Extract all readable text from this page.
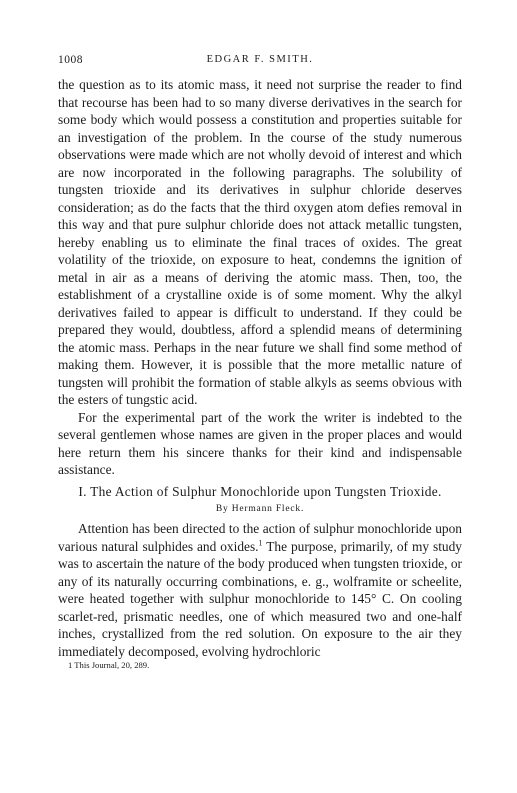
1008	EDGAR F. SMITH.

the question as to its atomic mass, it need not surprise the reader to find that recourse has been had to so many diverse derivatives in the search for some body which would possess a constitution and properties suitable for an investigation of the problem. In the course of the study numerous observations were made which are not wholly devoid of interest and which are now incorporated in the following paragraphs. The solubility of tungsten trioxide and its derivatives in sulphur chloride deserves consideration; as do the facts that the third oxygen atom defies removal in this way and that pure sulphur chloride does not attack metallic tungsten, hereby enabling us to eliminate the final traces of oxides. The great volatility of the trioxide, on exposure to heat, condemns the ignition of metal in air as a means of deriving the atomic mass. Then, too, the establishment of a crystalline oxide is of some moment. Why the alkyl derivatives failed to appear is difficult to understand. If they could be prepared they would, doubtless, afford a splendid means of determining the atomic mass. Perhaps in the near future we shall find some method of making them. However, it is possible that the more metallic nature of tungsten will prohibit the formation of stable alkyls as seems obvious with the esters of tungstic acid.

For the experimental part of the work the writer is indebted to the several gentlemen whose names are given in the proper places and would here return them his sincere thanks for their kind and indispensable assistance.

I. The Action of Sulphur Monochloride upon Tungsten Trioxide.

By Hermann Fleck.

Attention has been directed to the action of sulphur monochloride upon various natural sulphides and oxides.$^1$ The purpose, primarily, of my study was to ascertain the nature of the body produced when tungsten trioxide, or any of its naturally occurring combinations, e. g., wolframite or scheelite, were heated together with sulphur monochloride to 145° C. On cooling scarlet-red, prismatic needles, one of which measured two and one-half inches, crystallized from the red solution. On exposure to the air they immediately decomposed, evolving hydrochloric

1 This Journal, 20, 289.
